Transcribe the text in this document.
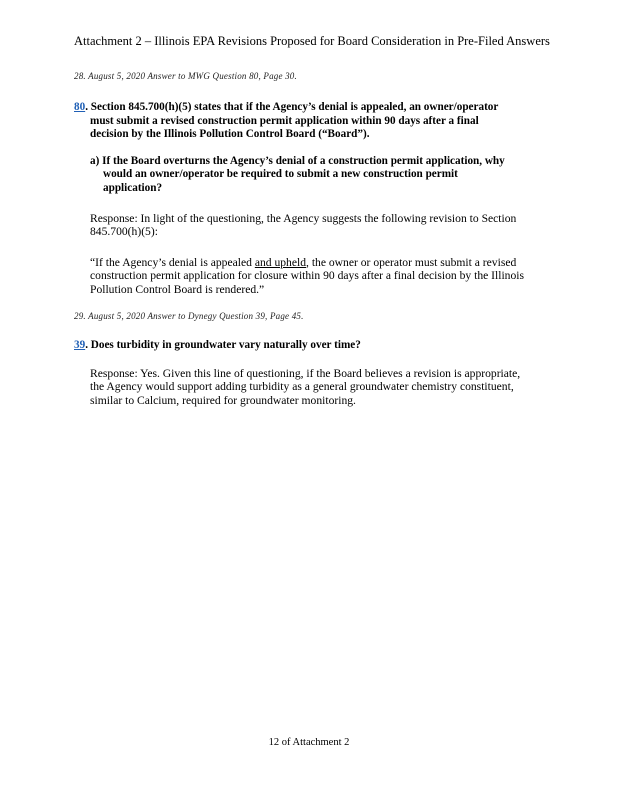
Attachment 2 – Illinois EPA Revisions Proposed for Board Consideration in Pre-Filed Answers
28. August 5, 2020 Answer to MWG Question 80, Page 30.
80. Section 845.700(h)(5) states that if the Agency’s denial is appealed, an owner/operator
must submit a revised construction permit application within 90 days after a final
decision by the Illinois Pollution Control Board (“Board”).
a) If the Board overturns the Agency’s denial of a construction permit application, why
would an owner/operator be required to submit a new construction permit
application?
Response: In light of the questioning, the Agency suggests the following revision to Section
845.700(h)(5):
“If the Agency’s denial is appealed and upheld, the owner or operator must submit a revised
construction permit application for closure within 90 days after a final decision by the Illinois
Pollution Control Board is rendered.”
29. August 5, 2020 Answer to Dynegy Question 39, Page 45.
39. Does turbidity in groundwater vary naturally over time?
Response: Yes. Given this line of questioning, if the Board believes a revision is appropriate,
the Agency would support adding turbidity as a general groundwater chemistry constituent,
similar to Calcium, required for groundwater monitoring.
12 of Attachment 2
